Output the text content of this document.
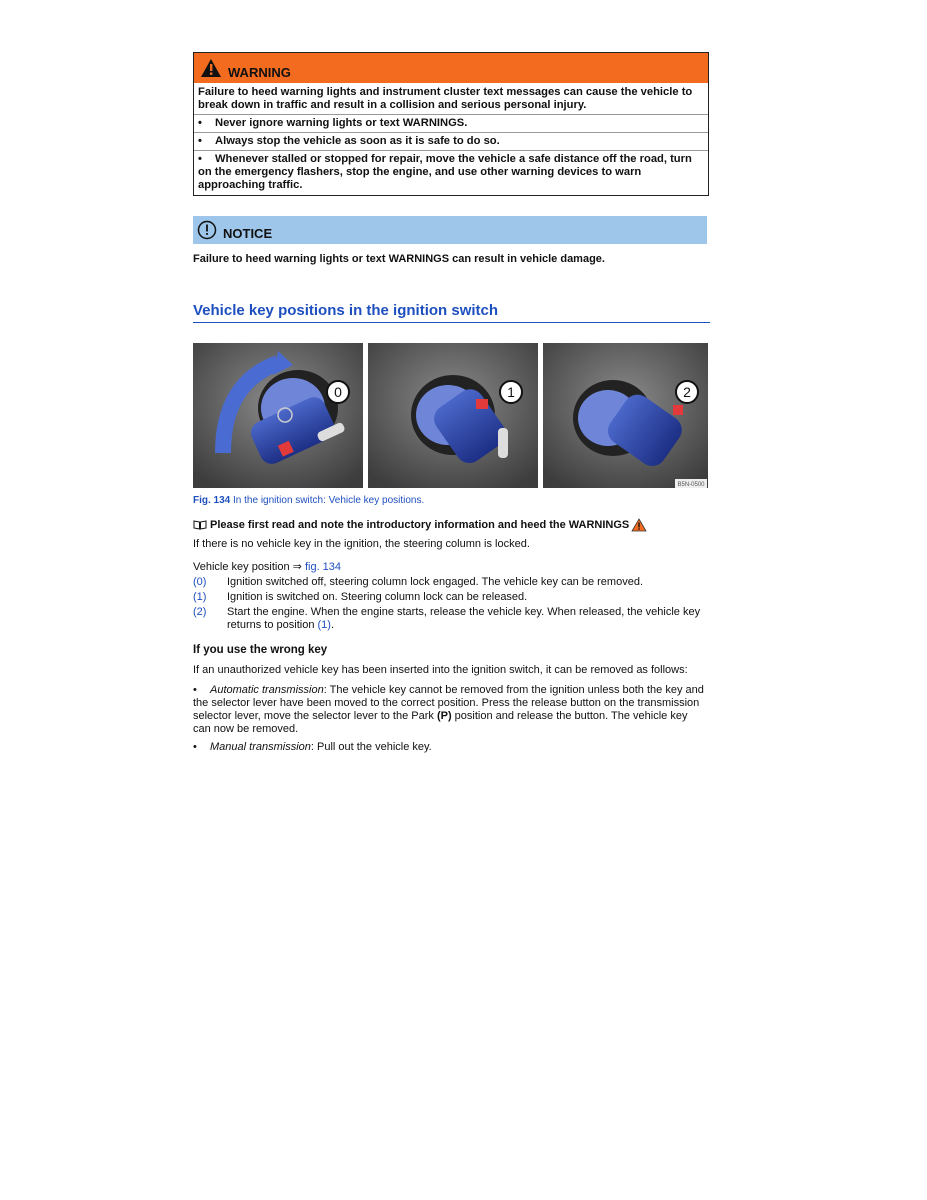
WARNING

Failure to heed warning lights and instrument cluster text messages can cause the vehicle to break down in traffic and result in a collision and serious personal injury.

• Never ignore warning lights or text WARNINGS.

• Always stop the vehicle as soon as it is safe to do so.

• Whenever stalled or stopped for repair, move the vehicle a safe distance off the road, turn on the emergency flashers, stop the engine, and use other warning devices to warn approaching traffic.

NOTICE
Failure to heed warning lights or text WARNINGS can result in vehicle damage.
Vehicle key positions in the ignition switch
0	1	2
B5N-0500
Fig. 134 In the ignition switch: Vehicle key positions.
Please first read and note the introductory information and heed the WARNINGS
If there is no vehicle key in the ignition, the steering column is locked.
Vehicle key position ⇒ fig. 134
(0)	Ignition switched off, steering column lock engaged. The vehicle key can be removed.
(1)	Ignition is switched on. Steering column lock can be released.
(2)	Start the engine. When the engine starts, release the vehicle key. When released, the vehicle key returns to position (1).
If you use the wrong key
If an unauthorized vehicle key has been inserted into the ignition switch, it can be removed as follows:
• Automatic transmission: The vehicle key cannot be removed from the ignition unless both the key and the selector lever have been moved to the correct position. Press the release button on the transmission selector lever, move the selector lever to the Park (P) position and release the button. The vehicle key can now be removed.
• Manual transmission: Pull out the vehicle key.
